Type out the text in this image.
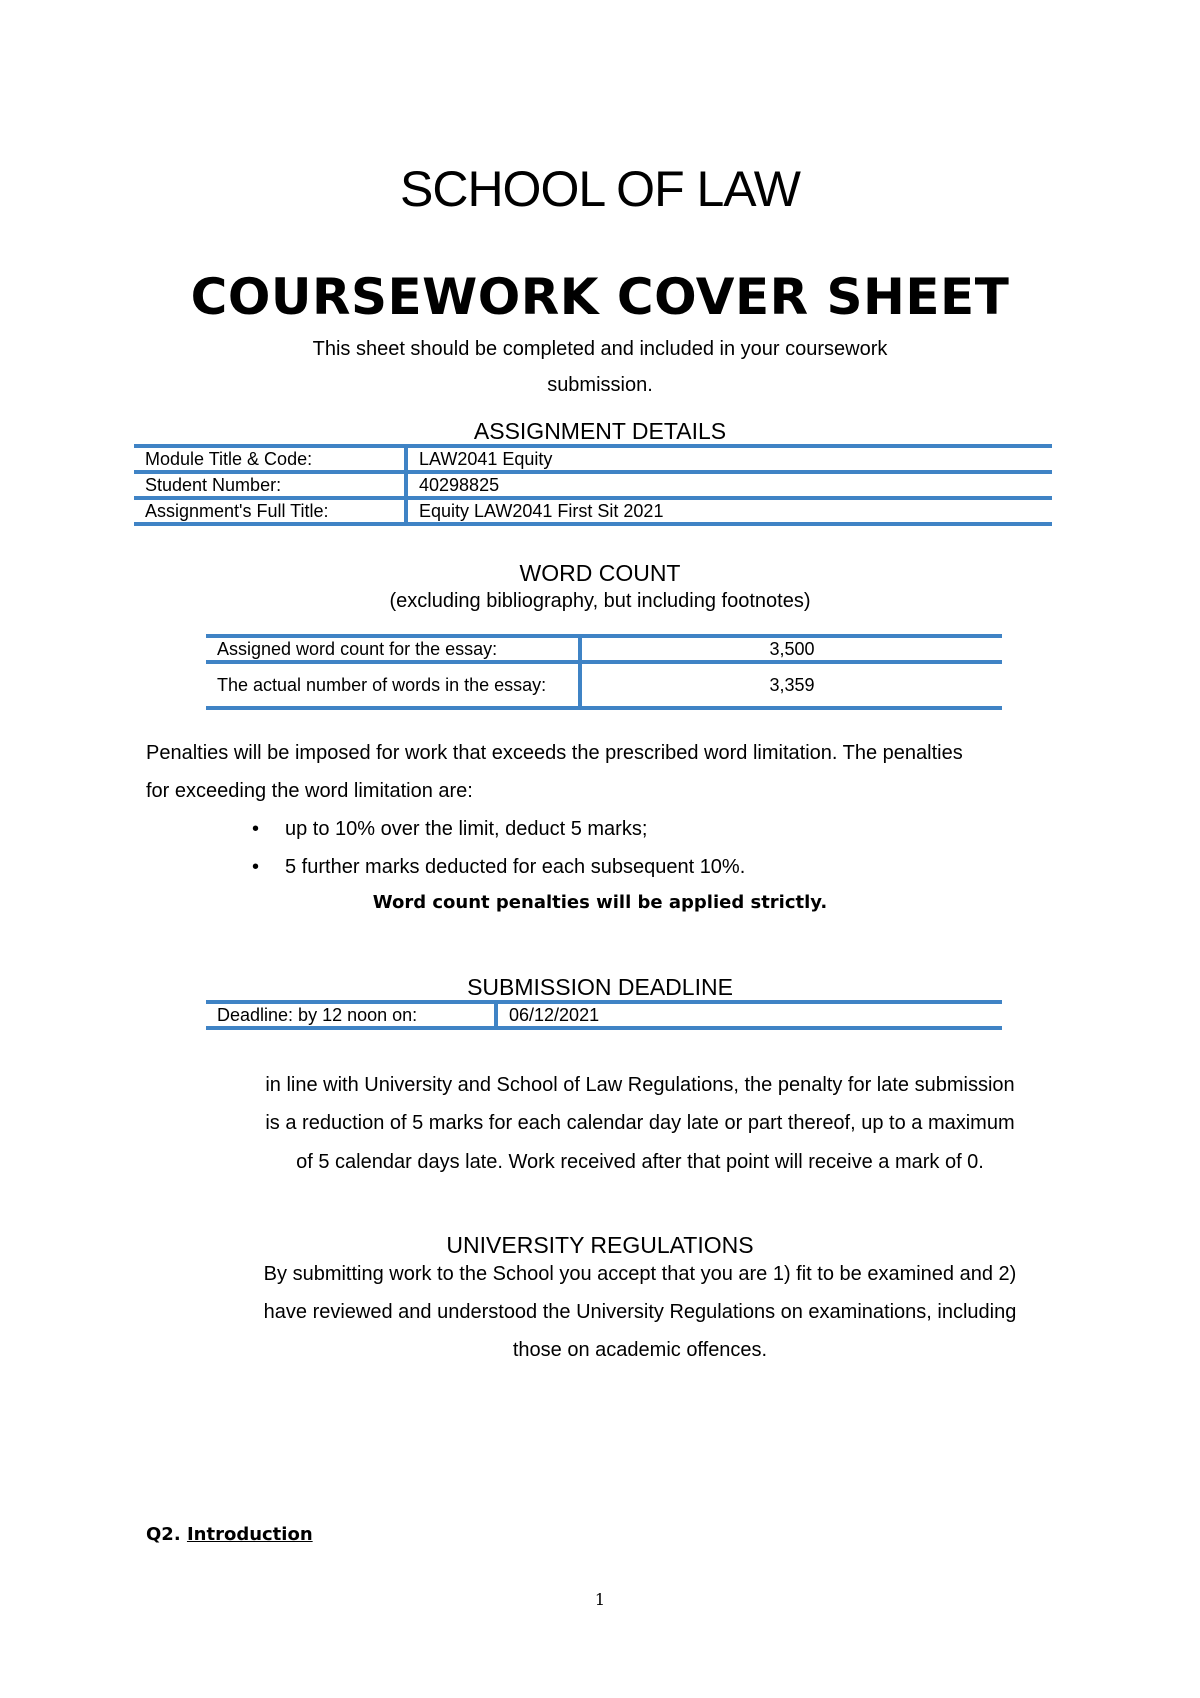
SCHOOL OF LAW
COURSEWORK COVER SHEET
This sheet should be completed and included in your coursework
submission.
ASSIGNMENT DETAILS
Module Title & Code:	LAW2041 Equity
Student Number:	40298825
Assignment's Full Title:	Equity LAW2041 First Sit 2021
WORD COUNT
(excluding bibliography, but including footnotes)
Assigned word count for the essay:	3,500
The actual number of words in the essay:	3,359
Penalties will be imposed for work that exceeds the prescribed word limitation. The penalties
for exceeding the word limitation are:
• up to 10% over the limit, deduct 5 marks;
• 5 further marks deducted for each subsequent 10%.
Word count penalties will be applied strictly.
SUBMISSION DEADLINE
Deadline: by 12 noon on:	06/12/2021
in line with University and School of Law Regulations, the penalty for late submission
is a reduction of 5 marks for each calendar day late or part thereof, up to a maximum
of 5 calendar days late. Work received after that point will receive a mark of 0.
UNIVERSITY REGULATIONS
By submitting work to the School you accept that you are 1) fit to be examined and 2)
have reviewed and understood the University Regulations on examinations, including
those on academic offences.
Q2. Introduction
1
